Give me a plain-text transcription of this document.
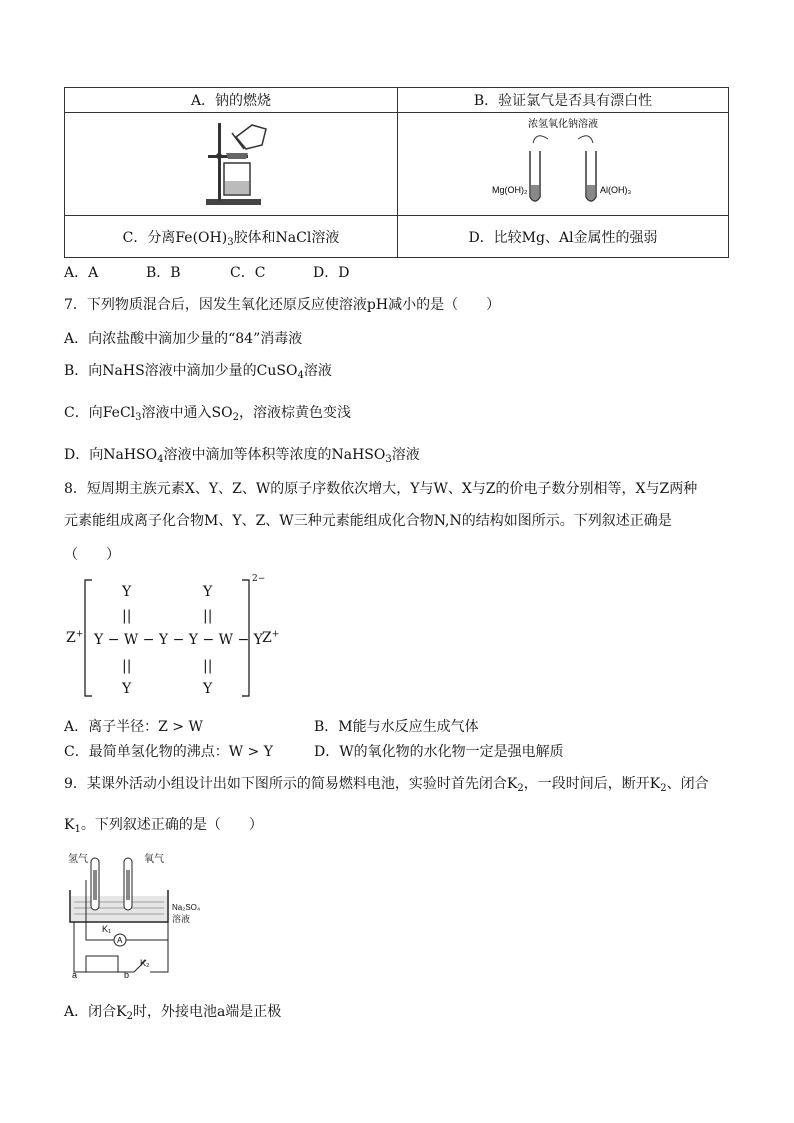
A．钠的燃烧	B．验证氯气是否具有漂白性

浓氢氧化钠溶液
Mg(OH)₂ Al(OH)₃

C．分离$Fe(OH)_3$胶体和NaCl溶液	D．比较Mg、Al金属性的强弱
A．A	B．B	C．C	D．D
7．下列物质混合后，因发生氧化还原反应使溶液pH减小的是（　　）
A．向浓盐酸中滴加少量的“84”消毒液
B．向NaHS溶液中滴加少量的CuSO$_4$溶液
C．向FeCl$_3$溶液中通入$SO_2$，溶液棕黄色变浅
D．向NaHSO$_4$溶液中滴加等体积等浓度的NaHSO$_3$溶液
8．短周期主族元素X、Y、Z、W的原子序数依次增大，Y与W、X与Z的价电子数分别相等，X与Z两种
元素能组成离子化合物M、Y、Z、W三种元素能组成化合物N,N的结构如图所示。下列叙述正确是
（　　）
Z+
Y	Y
||	||
Y − W − Y − Y − W − Y
||	||
Y	Y
2−
Z+
A．离子半径：Z > W	B．M能与水反应生成气体
C．最简单氢化物的沸点：W > Y	D．W的氧化物的水化物一定是强电解质
9．某课外活动小组设计出如下图所示的简易燃料电池，实验时首先闭合$K_2$，一段时间后，断开$K_2$、闭合
$K_1$。下列叙述正确的是（　　）
氢气	氧气
Na₂SO₄
溶液
K₁
K₂
a	b
A
A．闭合$K_2$时，外接电池a端是正极
